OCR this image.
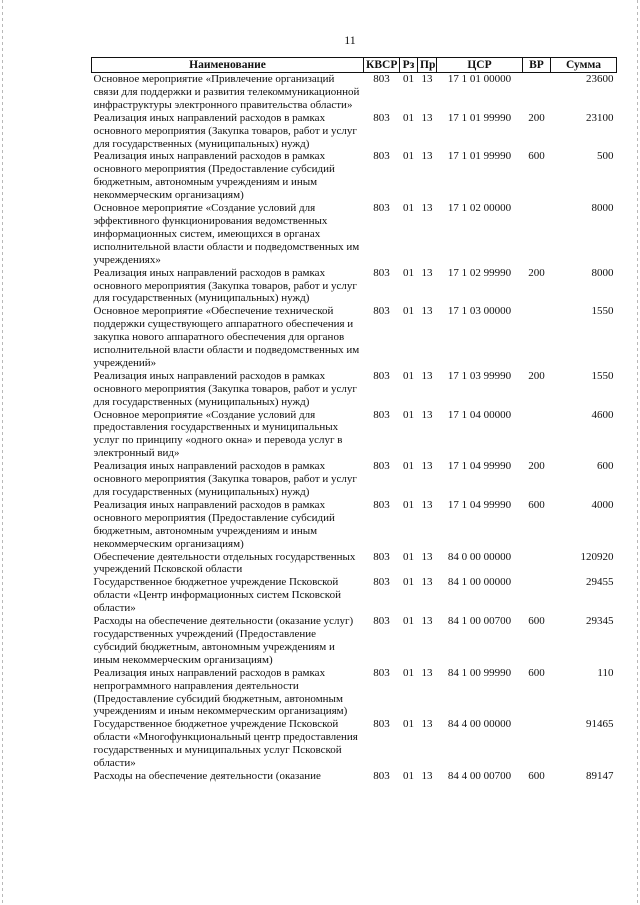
11
Наименование	КВСР	Рз	Пр	ЦСР	ВР	Сумма
Основное мероприятие «Привлечение организаций связи для поддержки и развития телекоммуникационной инфраструктуры электронного правительства области»	803	01	13	17 1 01 00000		23600
Реализация иных направлений расходов в рамках основного мероприятия (Закупка товаров, работ и услуг для государственных (муниципальных) нужд)	803	01	13	17 1 01 99990	200	23100
Реализация иных направлений расходов в рамках основного мероприятия (Предоставление субсидий бюджетным, автономным учреждениям и иным некоммерческим организациям)	803	01	13	17 1 01 99990	600	500
Основное мероприятие «Создание условий для эффективного функционирования ведомственных информационных систем, имеющихся в органах исполнительной власти области и подведомственных им учреждениях»	803	01	13	17 1 02 00000		8000
Реализация иных направлений расходов в рамках основного мероприятия (Закупка товаров, работ и услуг для государственных (муниципальных) нужд)	803	01	13	17 1 02 99990	200	8000
Основное мероприятие «Обеспечение технической поддержки существующего аппаратного обеспечения и закупка нового аппаратного обеспечения для органов исполнительной власти области и подведомственных им учреждений»	803	01	13	17 1 03 00000		1550
Реализация иных направлений расходов в рамках основного мероприятия (Закупка товаров, работ и услуг для государственных (муниципальных) нужд)	803	01	13	17 1 03 99990	200	1550
Основное мероприятие «Создание условий для предоставления государственных и муниципальных услуг по принципу «одного окна» и перевода услуг в электронный вид»	803	01	13	17 1 04 00000		4600
Реализация иных направлений расходов в рамках основного мероприятия (Закупка товаров, работ и услуг для государственных (муниципальных) нужд)	803	01	13	17 1 04 99990	200	600
Реализация иных направлений расходов в рамках основного мероприятия (Предоставление субсидий бюджетным, автономным учреждениям и иным некоммерческим организациям)	803	01	13	17 1 04 99990	600	4000
Обеспечение деятельности отдельных государственных учреждений Псковской области	803	01	13	84 0 00 00000		120920
Государственное бюджетное учреждение Псковской области «Центр информационных систем Псковской области»	803	01	13	84 1 00 00000		29455
Расходы на обеспечение деятельности (оказание услуг) государственных учреждений (Предоставление субсидий бюджетным, автономным учреждениям и иным некоммерческим организациям)	803	01	13	84 1 00 00700	600	29345
Реализация иных направлений расходов в рамках непрограммного направления деятельности (Предоставление субсидий бюджетным, автономным учреждениям и иным некоммерческим организациям)	803	01	13	84 1 00 99990	600	110
Государственное бюджетное учреждение Псковской области «Многофункциональный центр предоставления государственных и муниципальных услуг Псковской области»	803	01	13	84 4 00 00000		91465
Расходы на обеспечение деятельности (оказание	803	01	13	84 4 00 00700	600	89147
